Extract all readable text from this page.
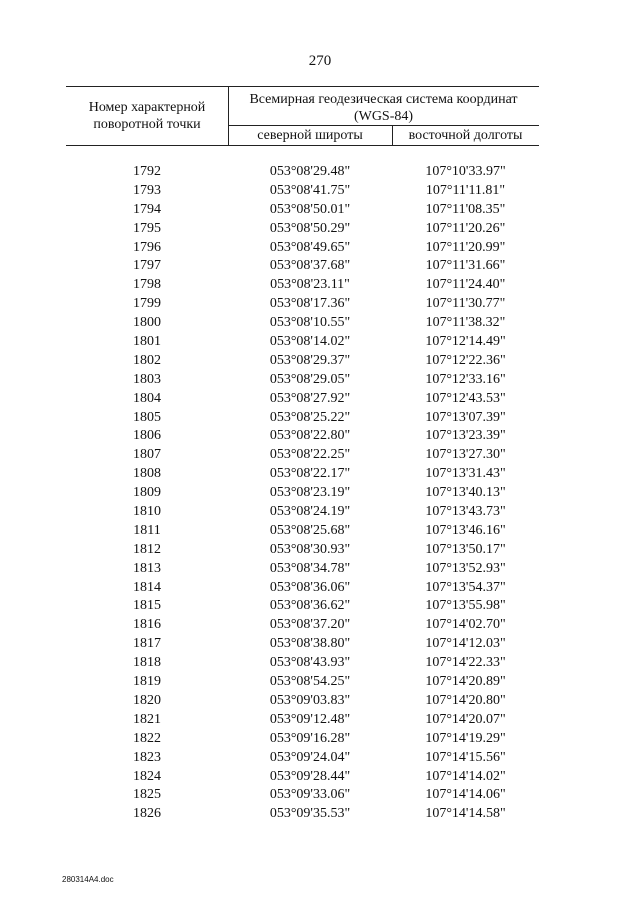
270
Номер характерной
поворотной точки
Всемирная геодезическая система координат
(WGS-84)
северной широты	восточной долготы
1792	053°08'29.48"	107°10'33.97"
1793	053°08'41.75"	107°11'11.81"
1794	053°08'50.01"	107°11'08.35"
1795	053°08'50.29"	107°11'20.26"
1796	053°08'49.65"	107°11'20.99"
1797	053°08'37.68"	107°11'31.66"
1798	053°08'23.11"	107°11'24.40"
1799	053°08'17.36"	107°11'30.77"
1800	053°08'10.55"	107°11'38.32"
1801	053°08'14.02"	107°12'14.49"
1802	053°08'29.37"	107°12'22.36"
1803	053°08'29.05"	107°12'33.16"
1804	053°08'27.92"	107°12'43.53"
1805	053°08'25.22"	107°13'07.39"
1806	053°08'22.80"	107°13'23.39"
1807	053°08'22.25"	107°13'27.30"
1808	053°08'22.17"	107°13'31.43"
1809	053°08'23.19"	107°13'40.13"
1810	053°08'24.19"	107°13'43.73"
1811	053°08'25.68"	107°13'46.16"
1812	053°08'30.93"	107°13'50.17"
1813	053°08'34.78"	107°13'52.93"
1814	053°08'36.06"	107°13'54.37"
1815	053°08'36.62"	107°13'55.98"
1816	053°08'37.20"	107°14'02.70"
1817	053°08'38.80"	107°14'12.03"
1818	053°08'43.93"	107°14'22.33"
1819	053°08'54.25"	107°14'20.89"
1820	053°09'03.83"	107°14'20.80"
1821	053°09'12.48"	107°14'20.07"
1822	053°09'16.28"	107°14'19.29"
1823	053°09'24.04"	107°14'15.56"
1824	053°09'28.44"	107°14'14.02"
1825	053°09'33.06"	107°14'14.06"
1826	053°09'35.53"	107°14'14.58"
280314A4.doc
